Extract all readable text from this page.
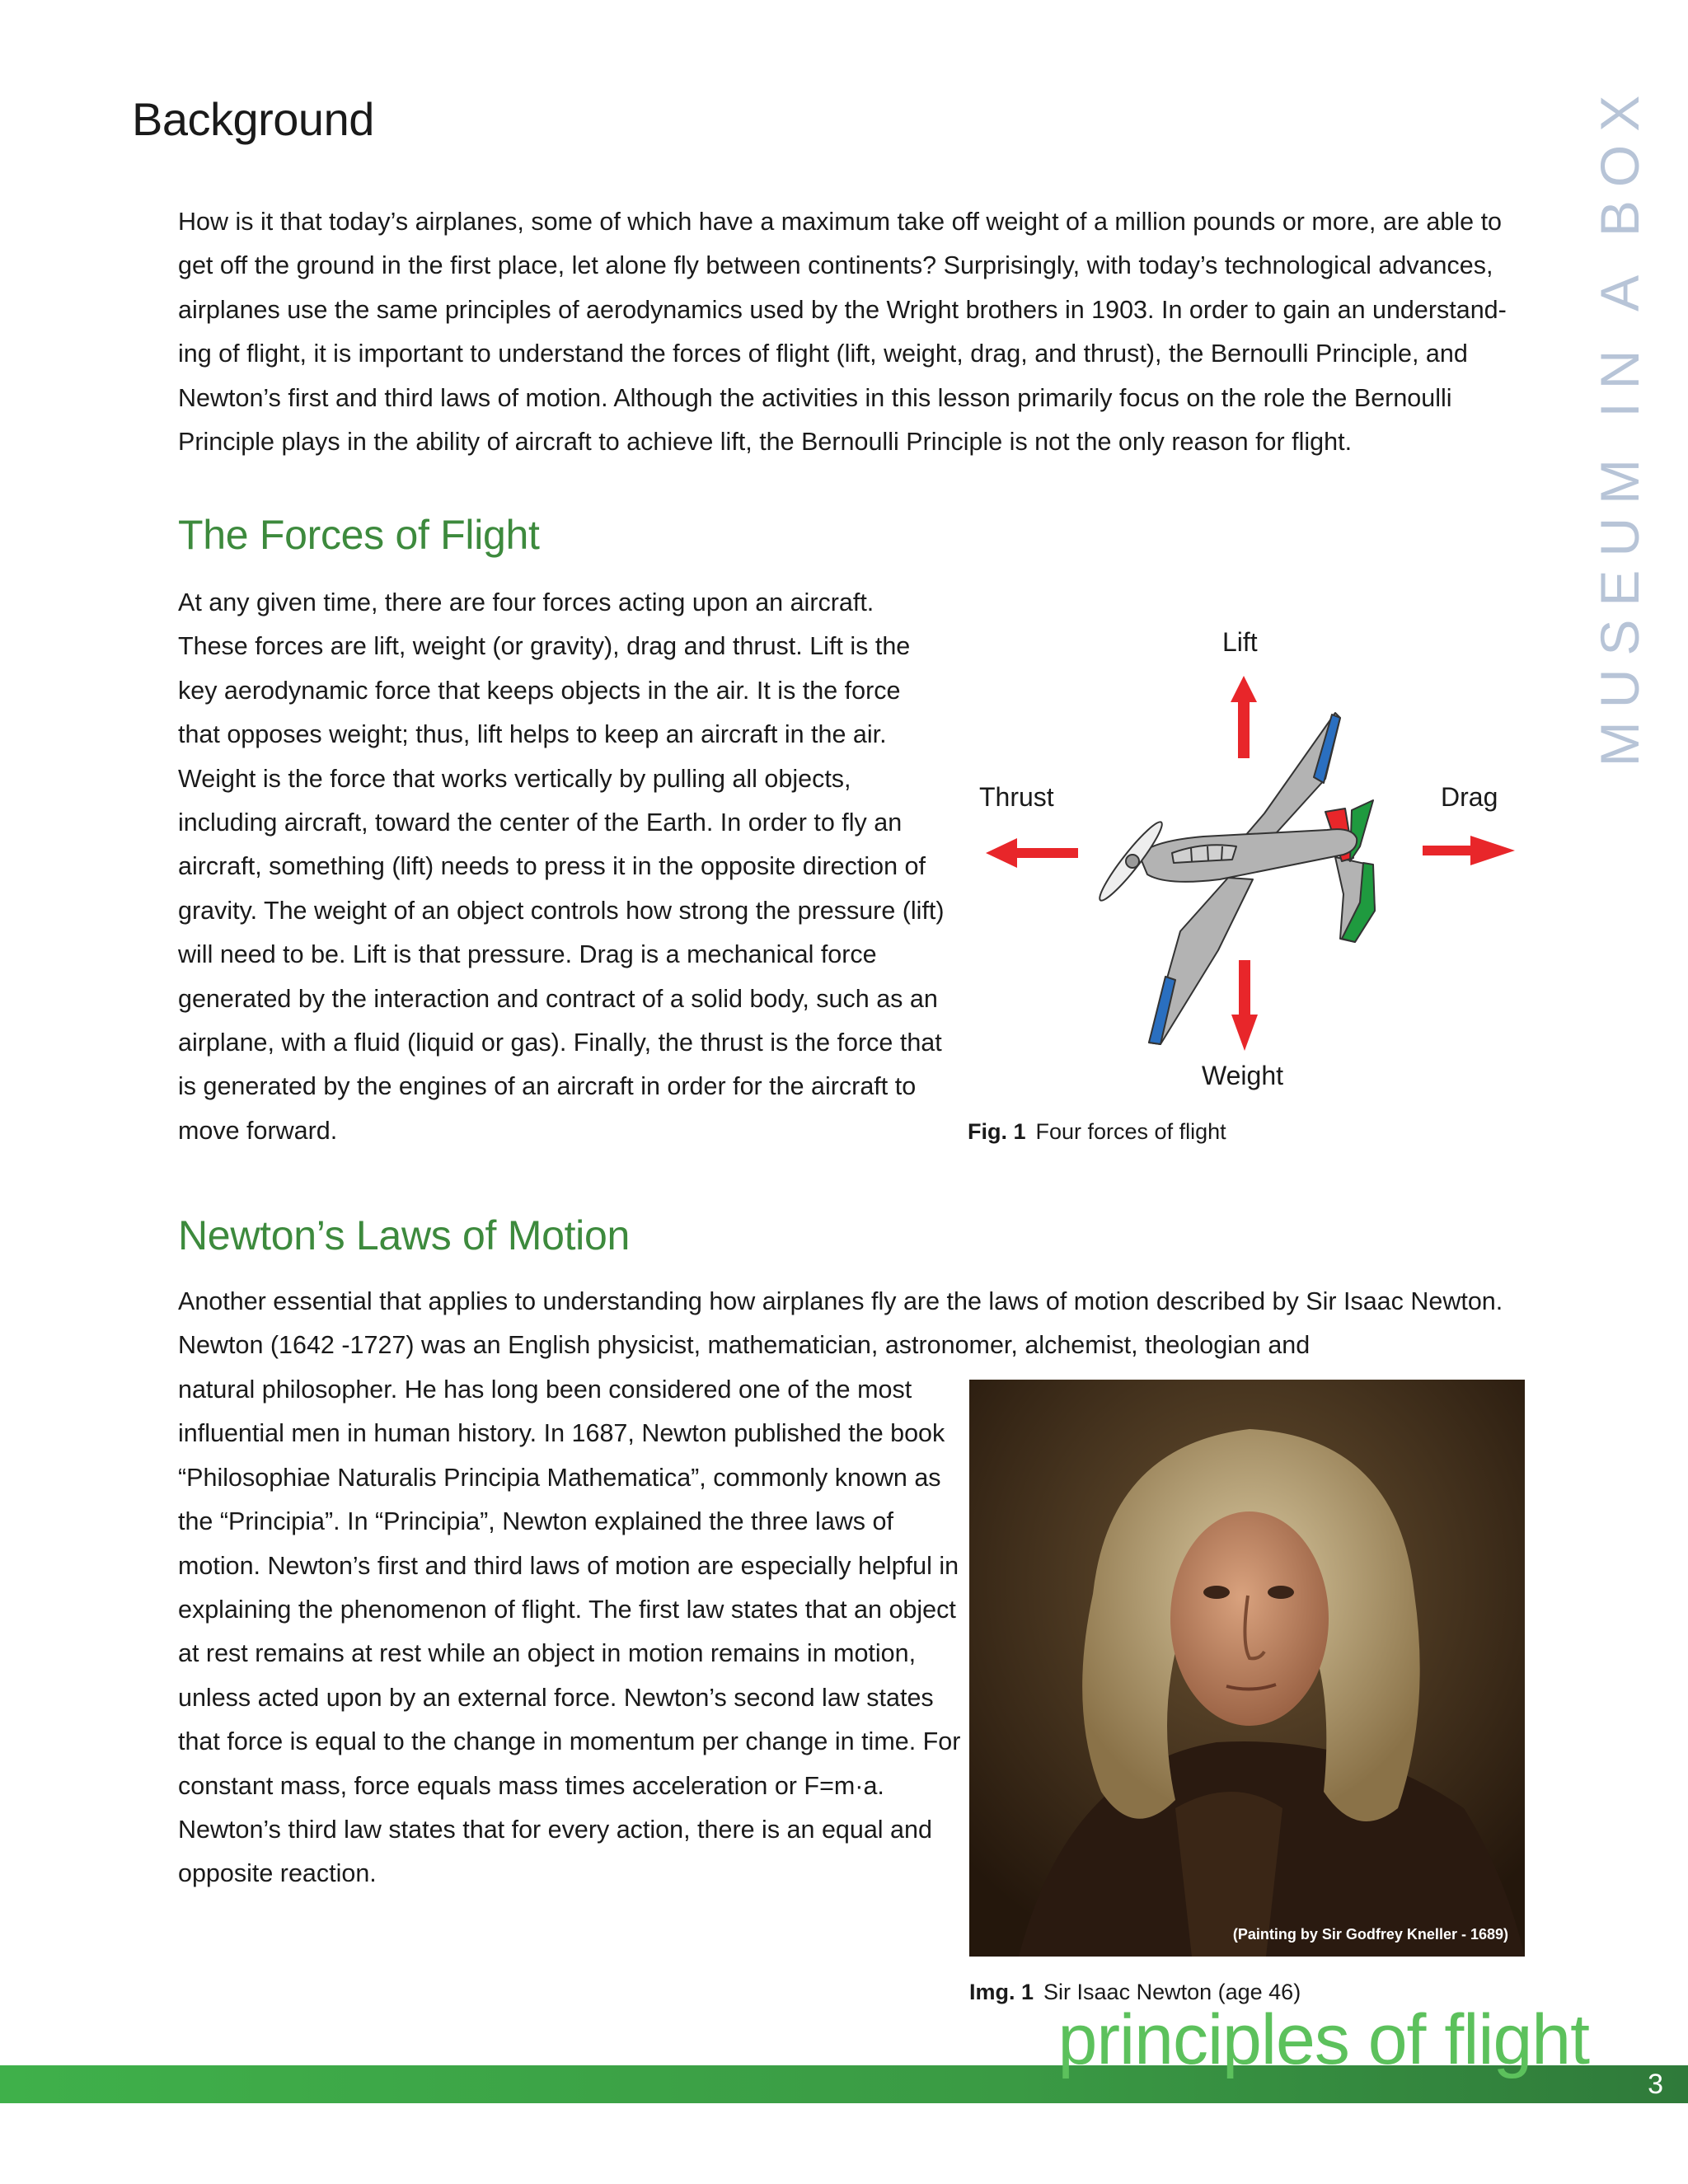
Background	MUSEUM IN A BOX

How is it that today’s airplanes, some of which have a maximum take off weight of a million pounds or more, are able to get off the ground in the first place, let alone fly between continents? Surprisingly, with today’s technological advances, airplanes use the same principles of aerodynamics used by the Wright brothers in 1903. In order to gain an understand-ing of flight, it is important to understand the forces of flight (lift, weight, drag, and thrust), the Bernoulli Principle, and Newton’s first and third laws of motion. Although the activities in this lesson primarily focus on the role the Bernoulli Principle plays in the ability of aircraft to achieve lift, the Bernoulli Principle is not the only reason for flight.

The Forces of Flight

At any given time, there are four forces acting upon an aircraft. These forces are lift, weight (or gravity), drag and thrust. Lift is the key aerodynamic force that keeps objects in the air. It is the force that opposes weight; thus, lift helps to keep an aircraft in the air. Weight is the force that works vertically by pulling all objects, including aircraft, toward the center of the Earth. In order to fly an aircraft, something (lift) needs to press it in the opposite direction of gravity. The weight of an object controls how strong the pressure (lift) will need to be. Lift is that pressure. Drag is a mechanical force generated by the interaction and contract of a solid body, such as an airplane, with a fluid (liquid or gas). Finally, the thrust is the force that is generated by the engines of an aircraft in order for the aircraft to move forward.

Lift
Thrust	Drag
Weight
Fig. 1 Four forces of flight
Newton’s Laws of Motion

Another essential that applies to understanding how airplanes fly are the laws of motion described by Sir Isaac Newton. Newton (1642 -1727) was an English physicist, mathematician, astronomer, alchemist, theologian and

natural philosopher. He has long been considered one of the most influential men in human history. In 1687, Newton published the book “Philosophiae Naturalis Principia Mathematica”, commonly known as the “Principia”. In “Principia”, Newton explained the three laws of motion. Newton’s first and third laws of motion are especially helpful in explaining the phenomenon of flight. The first law states that an object at rest remains at rest while an object in motion remains in motion, unless acted upon by an external force. Newton’s second law states that force is equal to the change in momentum per change in time. For constant mass, force equals mass times acceleration or F=m·a. Newton’s third law states that for every action, there is an equal and opposite reaction.

(Painting by Sir Godfrey Kneller - 1689)
Img. 1 Sir Isaac Newton (age 46)
principles of flight
3
